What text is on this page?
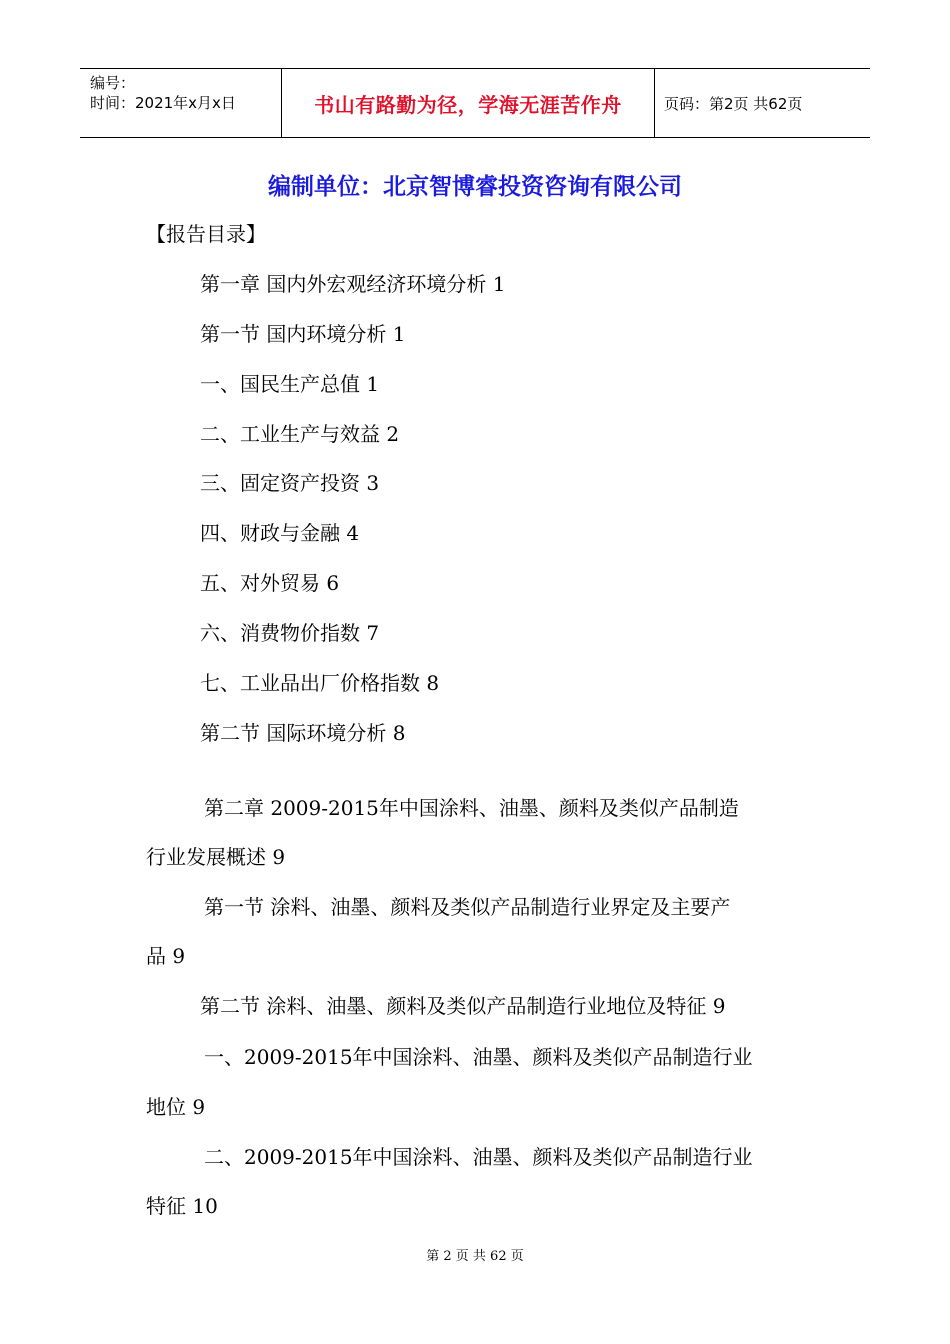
编号：
时间：2021年x月x日	书山有路勤为径，学海无涯苦作舟	页码：第2页 共62页
编制单位：北京智博睿投资咨询有限公司
【报告目录】
第一章 国内外宏观经济环境分析 1
第一节 国内环境分析 1
一、国民生产总值 1
二、工业生产与效益 2
三、固定资产投资 3
四、财政与金融 4
五、对外贸易 6
六、消费物价指数 7
七、工业品出厂价格指数 8
第二节 国际环境分析 8
第二章 2009-2015年中国涂料、油墨、颜料及类似产品制造
行业发展概述 9
第一节 涂料、油墨、颜料及类似产品制造行业界定及主要产
品 9
第二节 涂料、油墨、颜料及类似产品制造行业地位及特征 9
一、2009-2015年中国涂料、油墨、颜料及类似产品制造行业
地位 9
二、2009-2015年中国涂料、油墨、颜料及类似产品制造行业
特征 10
第 2 页 共 62 页
